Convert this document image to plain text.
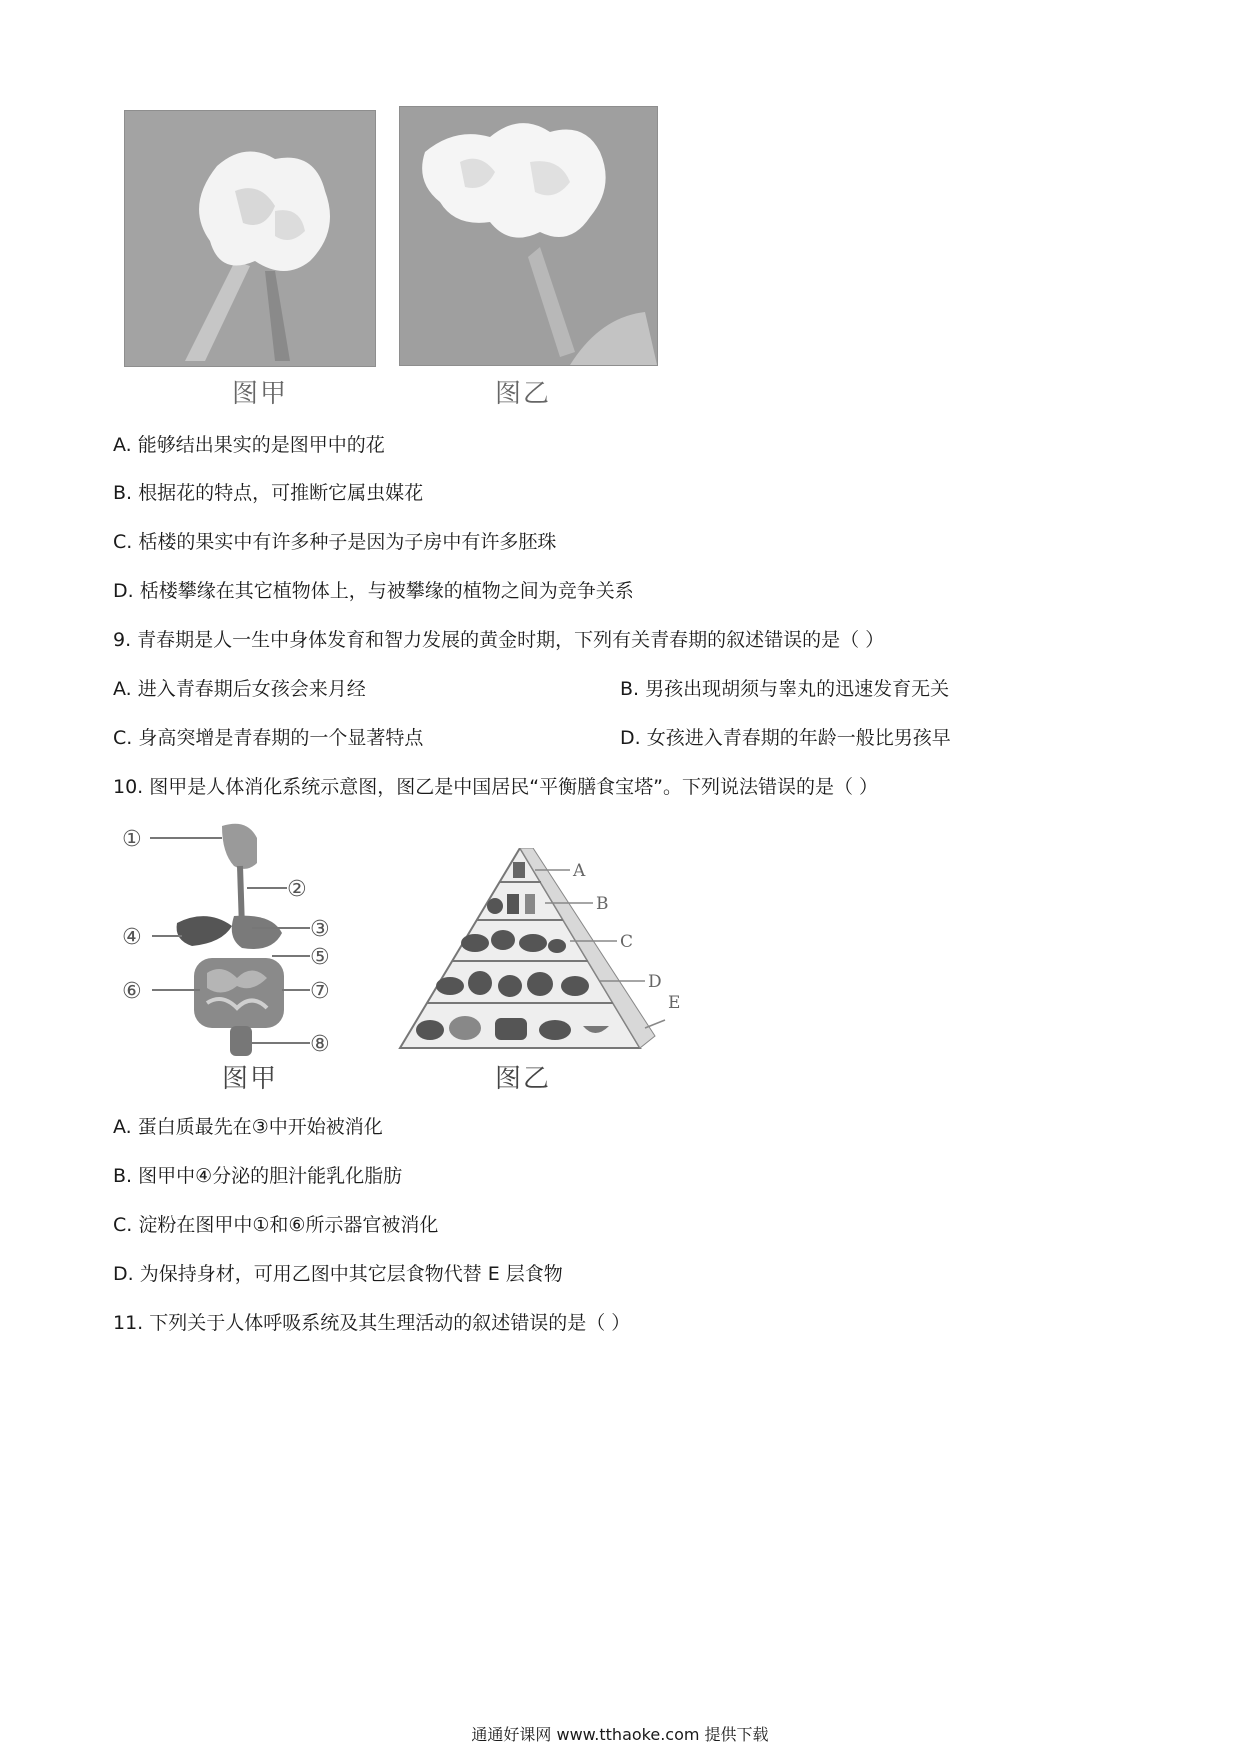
图甲	图乙
A. 能够结出果实的是图甲中的花
B. 根据花的特点，可推断它属虫媒花
C. 栝楼的果实中有许多种子是因为子房中有许多胚珠
D. 栝楼攀缘在其它植物体上，与被攀缘的植物之间为竞争关系
9. 青春期是人一生中身体发育和智力发展的黄金时期，下列有关青春期的叙述错误的是（ ）
A. 进入青春期后女孩会来月经	B. 男孩出现胡须与睾丸的迅速发育无关
C. 身高突增是青春期的一个显著特点	D. 女孩进入青春期的年龄一般比男孩早
10. 图甲是人体消化系统示意图，图乙是中国居民“平衡膳食宝塔”。下列说法错误的是（ ）
①
②
③
④
⑤
⑥	⑦
⑧
图甲
A
B
C
D
E
图乙
A. 蛋白质最先在③中开始被消化
B. 图甲中④分泌的胆汁能乳化脂肪
C. 淀粉在图甲中①和⑥所示器官被消化
D. 为保持身材，可用乙图中其它层食物代替 E 层食物
11. 下列关于人体呼吸系统及其生理活动的叙述错误的是（ ）
通通好课网 www.tthaoke.com 提供下载
